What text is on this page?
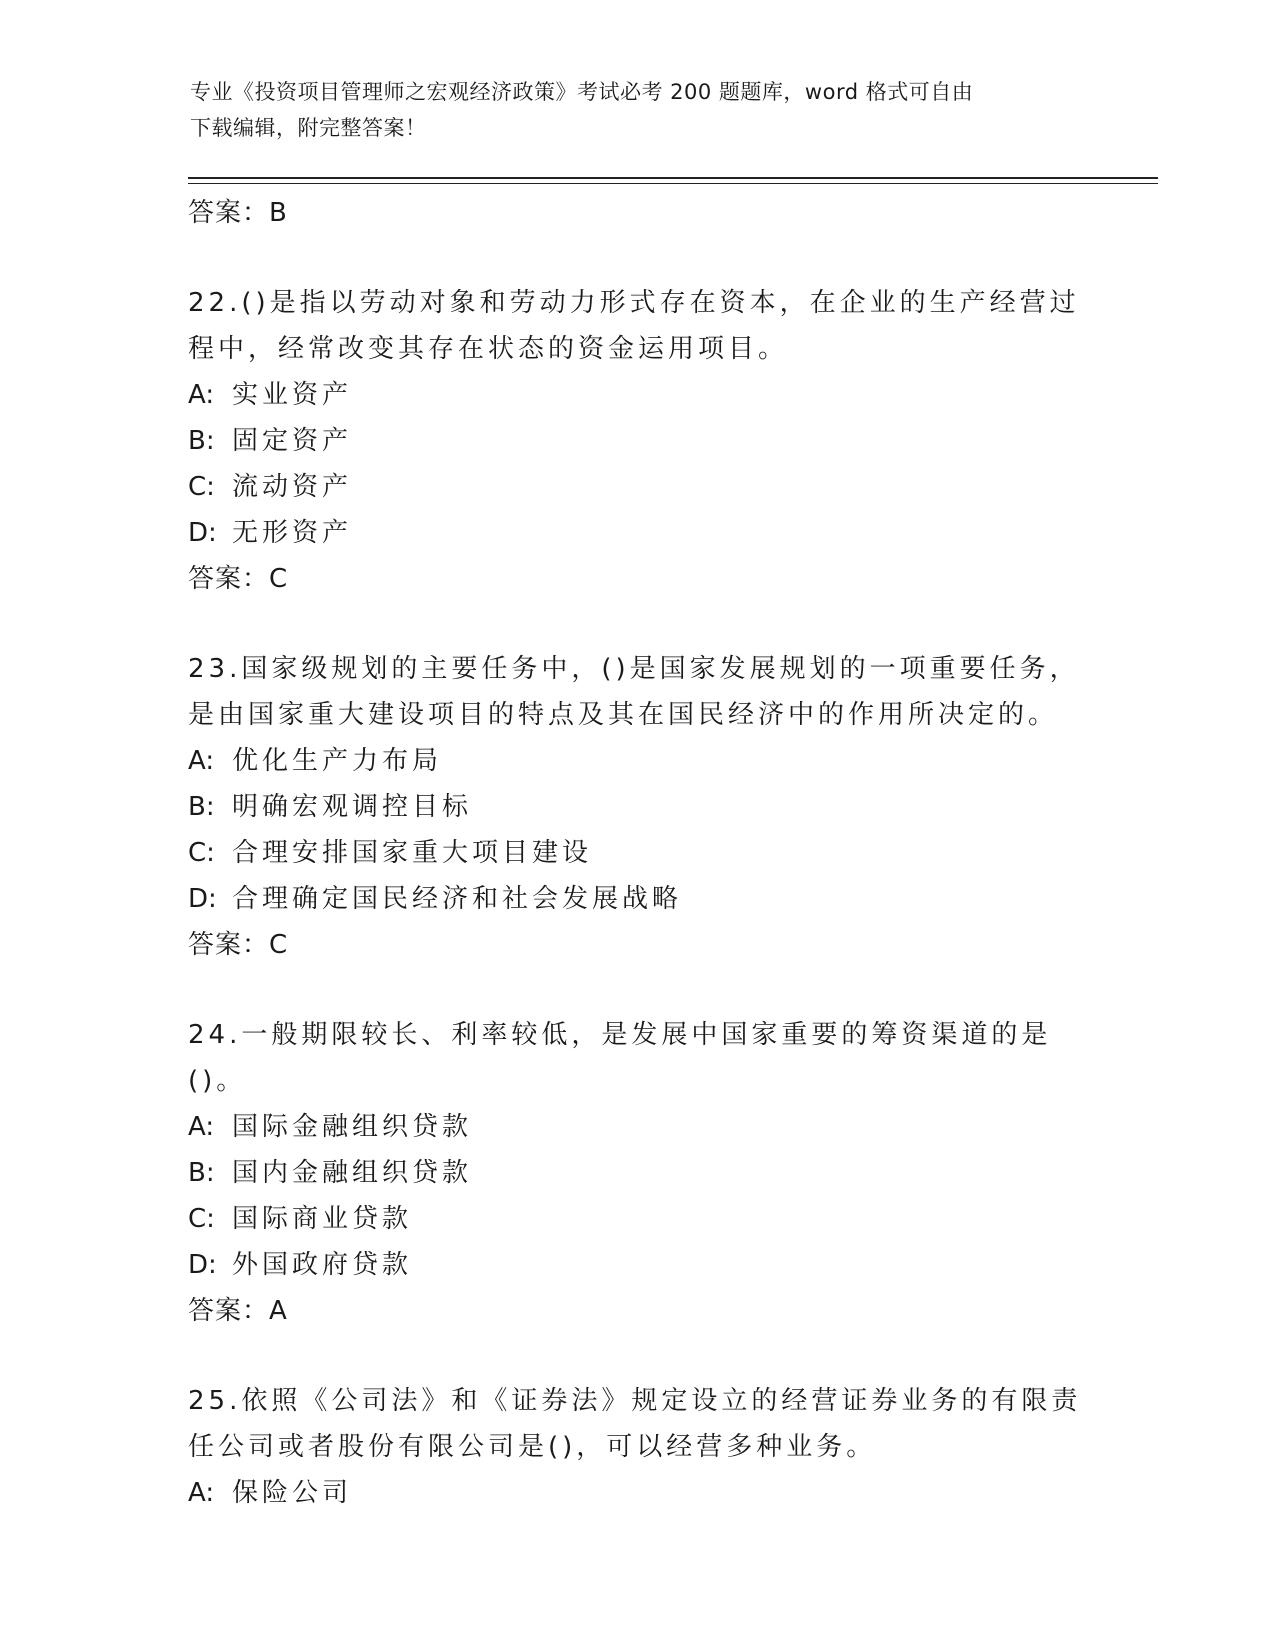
专业《投资项目管理师之宏观经济政策》考试必考 200 题题库，word 格式可自由
下载编辑，附完整答案！
答案：B
22.()是指以劳动对象和劳动力形式存在资本，在企业的生产经营过程中，经常改变其存在状态的资金运用项目。
A: 实业资产
B: 固定资产
C: 流动资产
D: 无形资产
答案：C
23.国家级规划的主要任务中，()是国家发展规划的一项重要任务，是由国家重大建设项目的特点及其在国民经济中的作用所决定的。
A: 优化生产力布局
B: 明确宏观调控目标
C: 合理安排国家重大项目建设
D: 合理确定国民经济和社会发展战略
答案：C
24.一般期限较长、利率较低，是发展中国家重要的筹资渠道的是()。
A: 国际金融组织贷款
B: 国内金融组织贷款
C: 国际商业贷款
D: 外国政府贷款
答案：A
25.依照《公司法》和《证券法》规定设立的经营证券业务的有限责任公司或者股份有限公司是()，可以经营多种业务。
A: 保险公司
